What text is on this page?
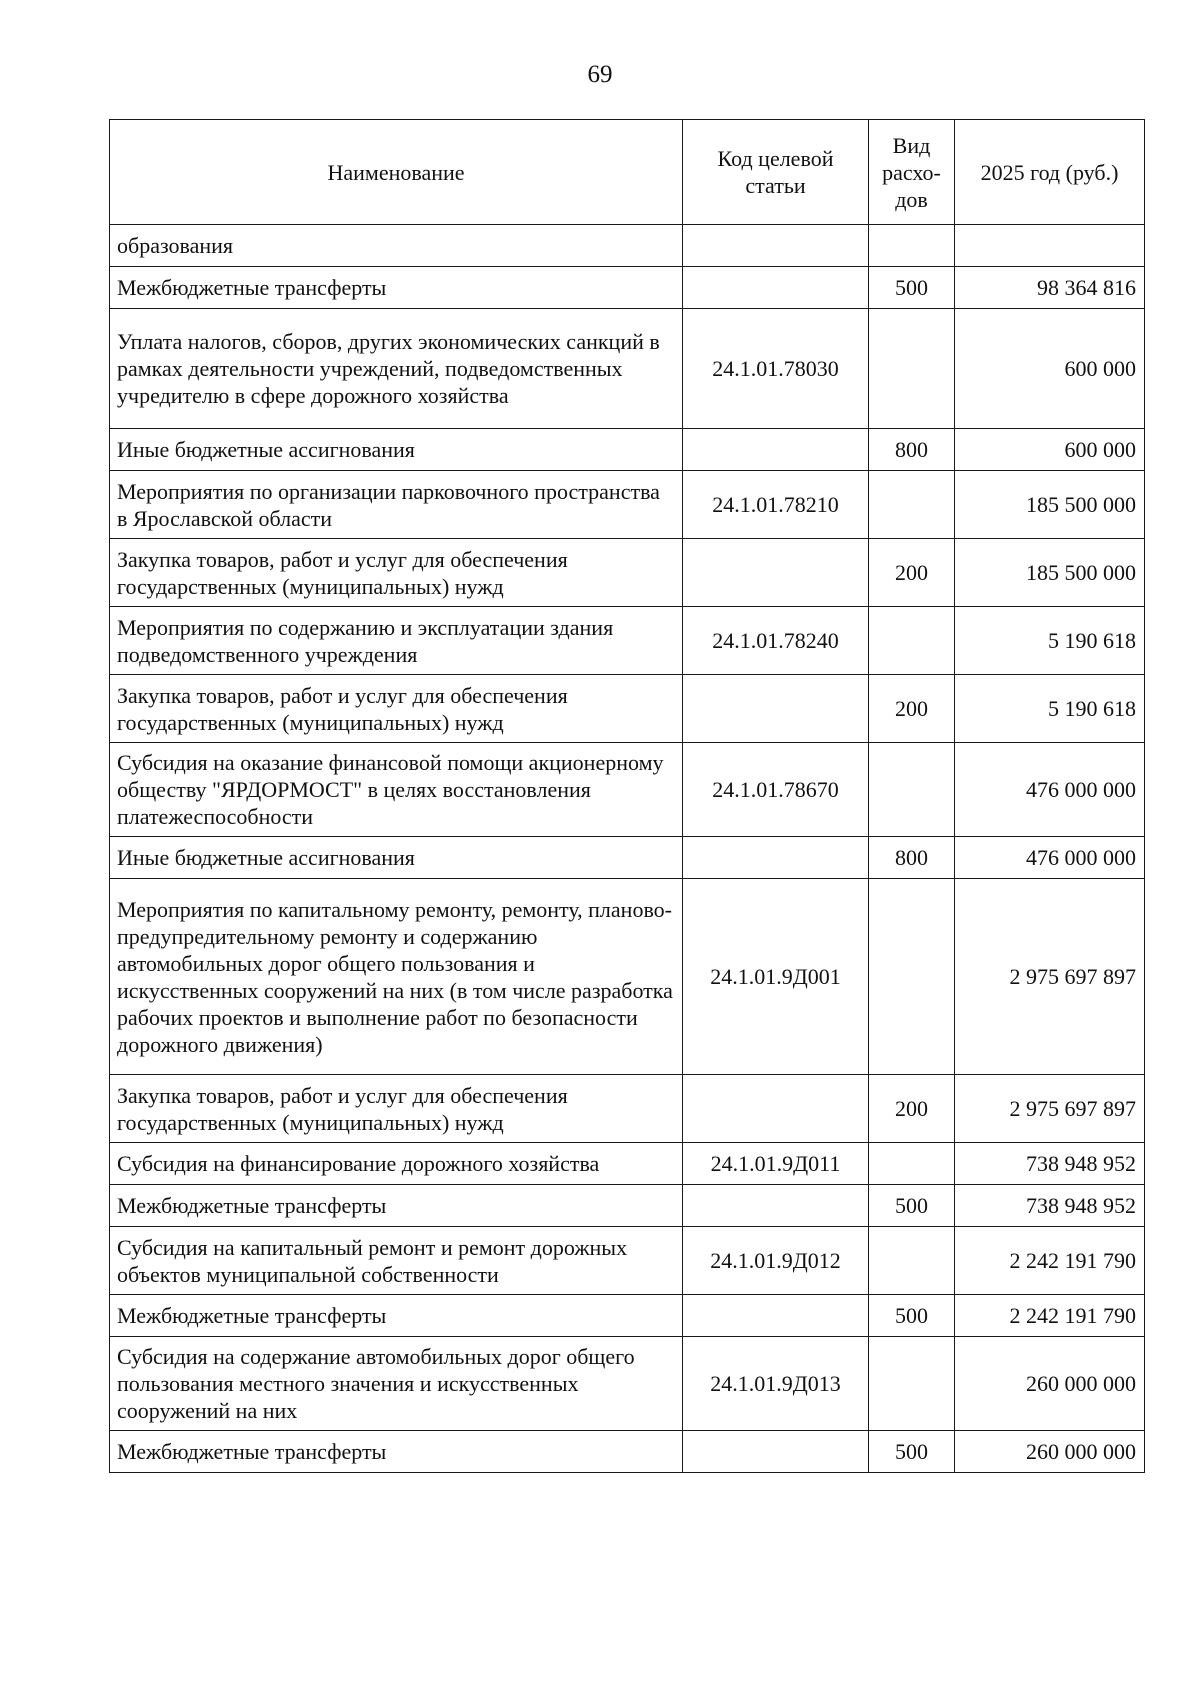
69
Наименование	Код целевой статьи	Вид расхо-дов	2025 год (руб.)
образования			
Межбюджетные трансферты		500	98 364 816
Уплата налогов, сборов, других экономических санкций в рамках деятельности учреждений, подведомственных учредителю в сфере дорожного хозяйства	24.1.01.78030		600 000
Иные бюджетные ассигнования		800	600 000
Мероприятия по организации парковочного пространства в Ярославской области	24.1.01.78210		185 500 000
Закупка товаров, работ и услуг для обеспечения государственных (муниципальных) нужд		200	185 500 000
Мероприятия по содержанию и эксплуатации здания подведомственного учреждения	24.1.01.78240		5 190 618
Закупка товаров, работ и услуг для обеспечения государственных (муниципальных) нужд		200	5 190 618
Субсидия на оказание финансовой помощи акционерному обществу "ЯРДОРМОСТ" в целях восстановления платежеспособности	24.1.01.78670		476 000 000
Иные бюджетные ассигнования		800	476 000 000
Мероприятия по капитальному ремонту, ремонту, планово-предупредительному ремонту и содержанию автомобильных дорог общего пользования и искусственных сооружений на них (в том числе разработка рабочих проектов и выполнение работ по безопасности дорожного движения)	24.1.01.9Д001		2 975 697 897
Закупка товаров, работ и услуг для обеспечения государственных (муниципальных) нужд		200	2 975 697 897
Субсидия на финансирование дорожного хозяйства	24.1.01.9Д011		738 948 952
Межбюджетные трансферты		500	738 948 952
Субсидия на капитальный ремонт и ремонт дорожных объектов муниципальной собственности	24.1.01.9Д012		2 242 191 790
Межбюджетные трансферты		500	2 242 191 790
Субсидия на содержание автомобильных дорог общего пользования местного значения и искусственных сооружений на них	24.1.01.9Д013		260 000 000
Межбюджетные трансферты		500	260 000 000
